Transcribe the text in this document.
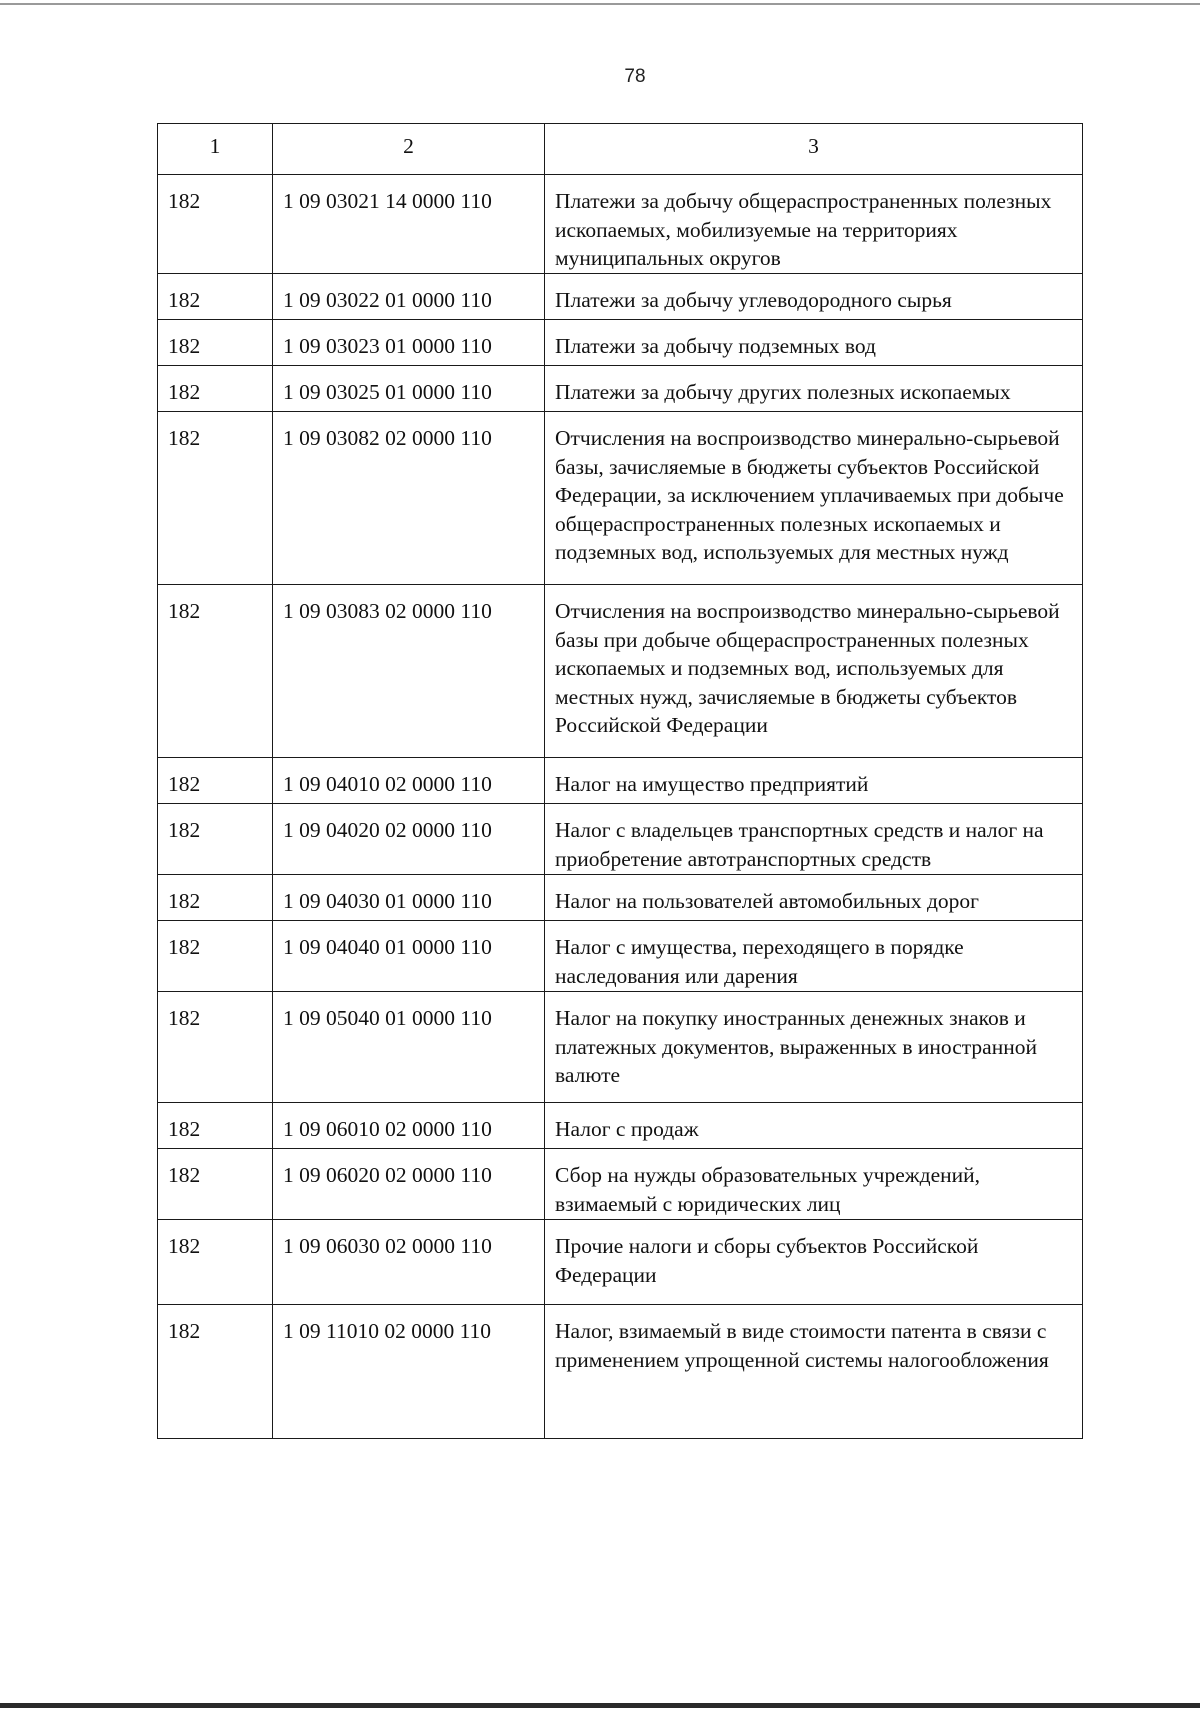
78
1	2	3
182	1 09 03021 14 0000 110	Платежи за добычу общераспространенных полезных ископаемых, мобилизуемые на территориях муниципальных округов
182	1 09 03022 01 0000 110	Платежи за добычу углеводородного сырья
182	1 09 03023 01 0000 110	Платежи за добычу подземных вод
182	1 09 03025 01 0000 110	Платежи за добычу других полезных ископаемых
182	1 09 03082 02 0000 110	Отчисления на воспроизводство минерально-сырьевой базы, зачисляемые в бюджеты субъектов Российской Федерации, за исключением уплачиваемых при добыче общераспространенных полезных ископаемых и подземных вод, используемых для местных нужд
182	1 09 03083 02 0000 110	Отчисления на воспроизводство минерально-сырьевой базы при добыче общераспространенных полезных ископаемых и подземных вод, используемых для местных нужд, зачисляемые в бюджеты субъектов Российской Федерации
182	1 09 04010 02 0000 110	Налог на имущество предприятий
182	1 09 04020 02 0000 110	Налог с владельцев транспортных средств и налог на приобретение автотранспортных средств
182	1 09 04030 01 0000 110	Налог на пользователей автомобильных дорог
182	1 09 04040 01 0000 110	Налог с имущества, переходящего в порядке наследования или дарения
182	1 09 05040 01 0000 110	Налог на покупку иностранных денежных знаков и платежных документов, выраженных в иностранной валюте
182	1 09 06010 02 0000 110	Налог с продаж
182	1 09 06020 02 0000 110	Сбор на нужды образовательных учреждений, взимаемый с юридических лиц
182	1 09 06030 02 0000 110	Прочие налоги и сборы субъектов Российской Федерации
182	1 09 11010 02 0000 110	Налог, взимаемый в виде стоимости патента в связи с применением упрощенной системы налогообложения
